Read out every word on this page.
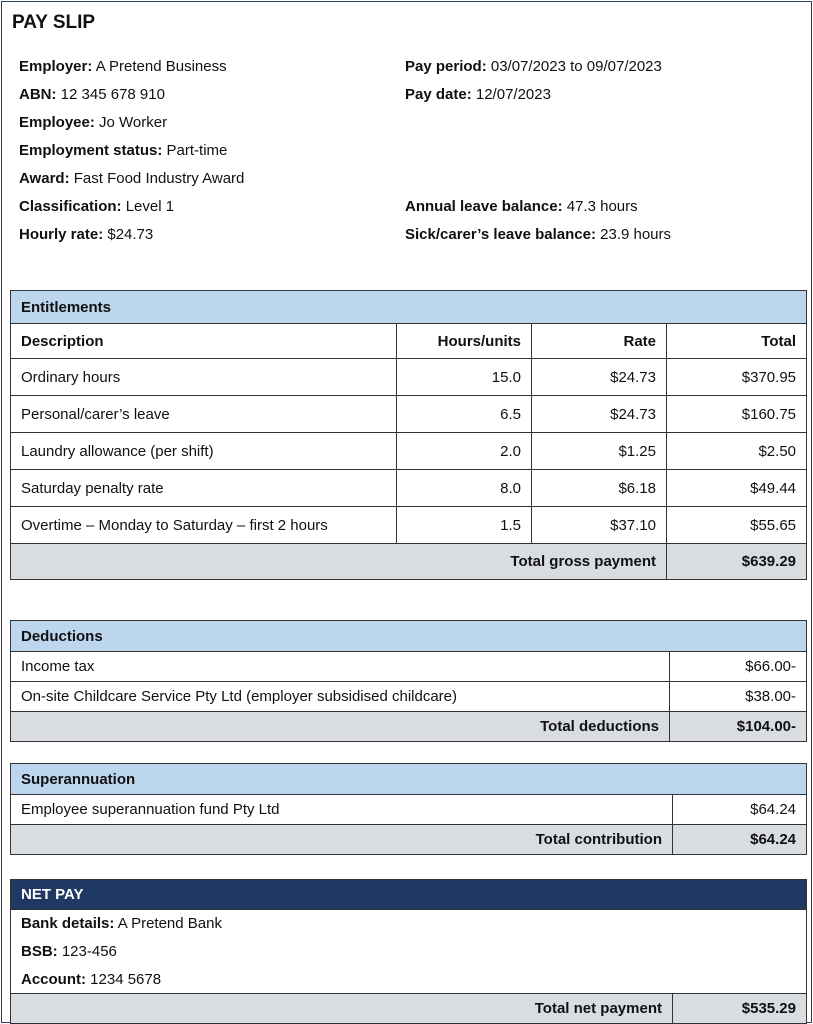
PAY SLIP
Employer: A Pretend Business
ABN: 12 345 678 910
Employee: Jo Worker
Employment status: Part-time
Award: Fast Food Industry Award
Classification: Level 1
Hourly rate: $24.73
Pay period: 03/07/2023 to 09/07/2023
Pay date: 12/07/2023
Annual leave balance: 47.3 hours
Sick/carer’s leave balance: 23.9 hours
Entitlements			
Description	Hours/units	Rate	Total
Ordinary hours	15.0	$24.73	$370.95
Personal/carer’s leave	6.5	$24.73	$160.75
Laundry allowance (per shift)	2.0	$1.25	$2.50
Saturday penalty rate	8.0	$6.18	$49.44
Overtime – Monday to Saturday – first 2 hours	1.5	$37.10	$55.65
Total gross payment			$639.29
Deductions	
Income tax	$66.00-
On-site Childcare Service Pty Ltd (employer subsidised childcare)	$38.00-
Total deductions	$104.00-
Superannuation	
Employee superannuation fund Pty Ltd	$64.24
Total contribution	$64.24
NET PAY
Bank details: A Pretend Bank
BSB: 123-456
Account: 1234 5678
Total net payment	$535.29
